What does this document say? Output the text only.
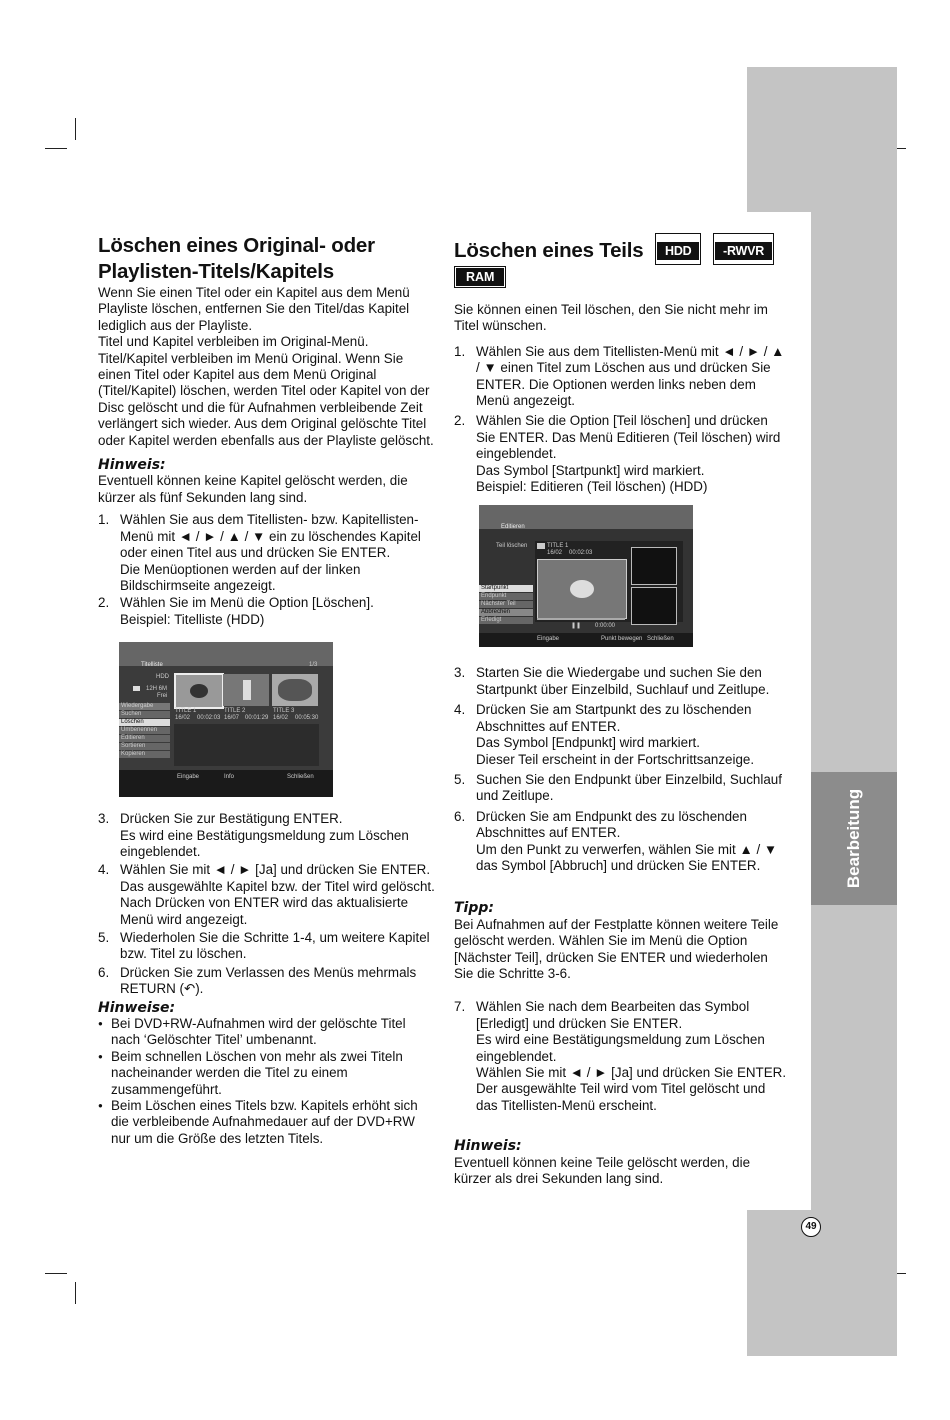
Bearbeitung
49
Löschen eines Original- oder Playlisten-Titels/Kapitels

Wenn Sie einen Titel oder ein Kapitel aus dem Menü Playliste löschen, entfernen Sie den Titel/das Kapitel lediglich aus der Playliste.

Titel und Kapitel verbleiben im Original-Menü.

Titel/Kapitel verbleiben im Menü Original. Wenn Sie einen Titel oder Kapitel aus dem Menü Original (Titel/Kapitel) löschen, werden Titel oder Kapitel von der Disc gelöscht und die für Aufnahmen verbleibende Zeit verlängert sich wieder. Aus dem Original gelöschte Titel oder Kapitel werden ebenfalls aus der Playliste gelöscht.

Hinweis:

Eventuell können keine Kapitel gelöscht werden, die kürzer als fünf Sekunden lang sind.

1. Wählen Sie aus dem Titellisten- bzw. Kapitellisten-Menü mit ◄ / ► / ▲ / ▼ ein zu löschendes Kapitel oder einen Titel aus und drücken Sie ENTER.
Die Menüoptionen werden auf der linken Bildschirmseite angezeigt.
2. Wählen Sie im Menü die Option [Löschen].
Beispiel: Titelliste (HDD)
Titelliste	1/3
HDD
12H 6M
Frei
Wiedergabe
Suchen
Löschen
Umbenennen
Editieren
Sortieren
Kopieren
TITLE 1
16/02 00:02:03
TITLE 2
16/07 00:01:29
TITLE 3
16/02 00:05:30
Eingabe	Info	Schließen
3. Drücken Sie zur Bestätigung ENTER.
Es wird eine Bestätigungsmeldung zum Löschen eingeblendet.
4. Wählen Sie mit ◄ / ► [Ja] und drücken Sie ENTER.
Das ausgewählte Kapitel bzw. der Titel wird gelöscht.
Nach Drücken von ENTER wird das aktualisierte Menü wird angezeigt.
5. Wiederholen Sie die Schritte 1-4, um weitere Kapitel bzw. Titel zu löschen.
6. Drücken Sie zum Verlassen des Menüs mehrmals RETURN (↶).
Hinweise:
● Bei DVD+RW-Aufnahmen wird der gelöschte Titel nach ‘Gelöschter Titel’ umbenannt.
● Beim schnellen Löschen von mehr als zwei Titeln nacheinander werden die Titel zu einem zusammengeführt.
● Beim Löschen eines Titels bzw. Kapitels erhöht sich die verbleibende Aufnahmedauer auf der DVD+RW nur um die Größe des letzten Titels.
Löschen eines Teils HDD	-RWVR
RAM

Sie können einen Teil löschen, den Sie nicht mehr im Titel wünschen.

1. Wählen Sie aus dem Titellisten-Menü mit ◄ / ► / ▲ / ▼ einen Titel zum Löschen aus und drücken Sie ENTER. Die Optionen werden links neben dem Menü angezeigt.
2. Wählen Sie die Option [Teil löschen] und drücken Sie ENTER. Das Menü Editieren (Teil löschen) wird eingeblendet.
Das Symbol [Startpunkt] wird markiert.
Beispiel: Editieren (Teil löschen) (HDD)
Editieren
Teil löschen	TITLE 1
16/02 00:02:03
Startpunkt
Endpunkt
Nächster Teil
Abbrechen
Erledigt
❚❚ 0:00:00
Eingabe	Punkt bewegen Schließen
3. Starten Sie die Wiedergabe und suchen Sie den Startpunkt über Einzelbild, Suchlauf und Zeitlupe.
4. Drücken Sie am Startpunkt des zu löschenden Abschnittes auf ENTER.
Das Symbol [Endpunkt] wird markiert.
Dieser Teil erscheint in der Fortschrittsanzeige.
5. Suchen Sie den Endpunkt über Einzelbild, Suchlauf und Zeitlupe.
6. Drücken Sie am Endpunkt des zu löschenden Abschnittes auf ENTER.
Um den Punkt zu verwerfen, wählen Sie mit ▲ / ▼ das Symbol [Abbruch] und drücken Sie ENTER.
Tipp:

Bei Aufnahmen auf der Festplatte können weitere Teile gelöscht werden. Wählen Sie im Menü die Option [Nächster Teil], drücken Sie ENTER und wiederholen Sie die Schritte 3-6.

7. Wählen Sie nach dem Bearbeiten das Symbol [Erledigt] und drücken Sie ENTER.
Es wird eine Bestätigungsmeldung zum Löschen eingeblendet.
Wählen Sie mit ◄ / ► [Ja] und drücken Sie ENTER.
Der ausgewählte Teil wird vom Titel gelöscht und das Titellisten-Menü erscheint.
Hinweis:

Eventuell können keine Teile gelöscht werden, die kürzer als drei Sekunden lang sind.
